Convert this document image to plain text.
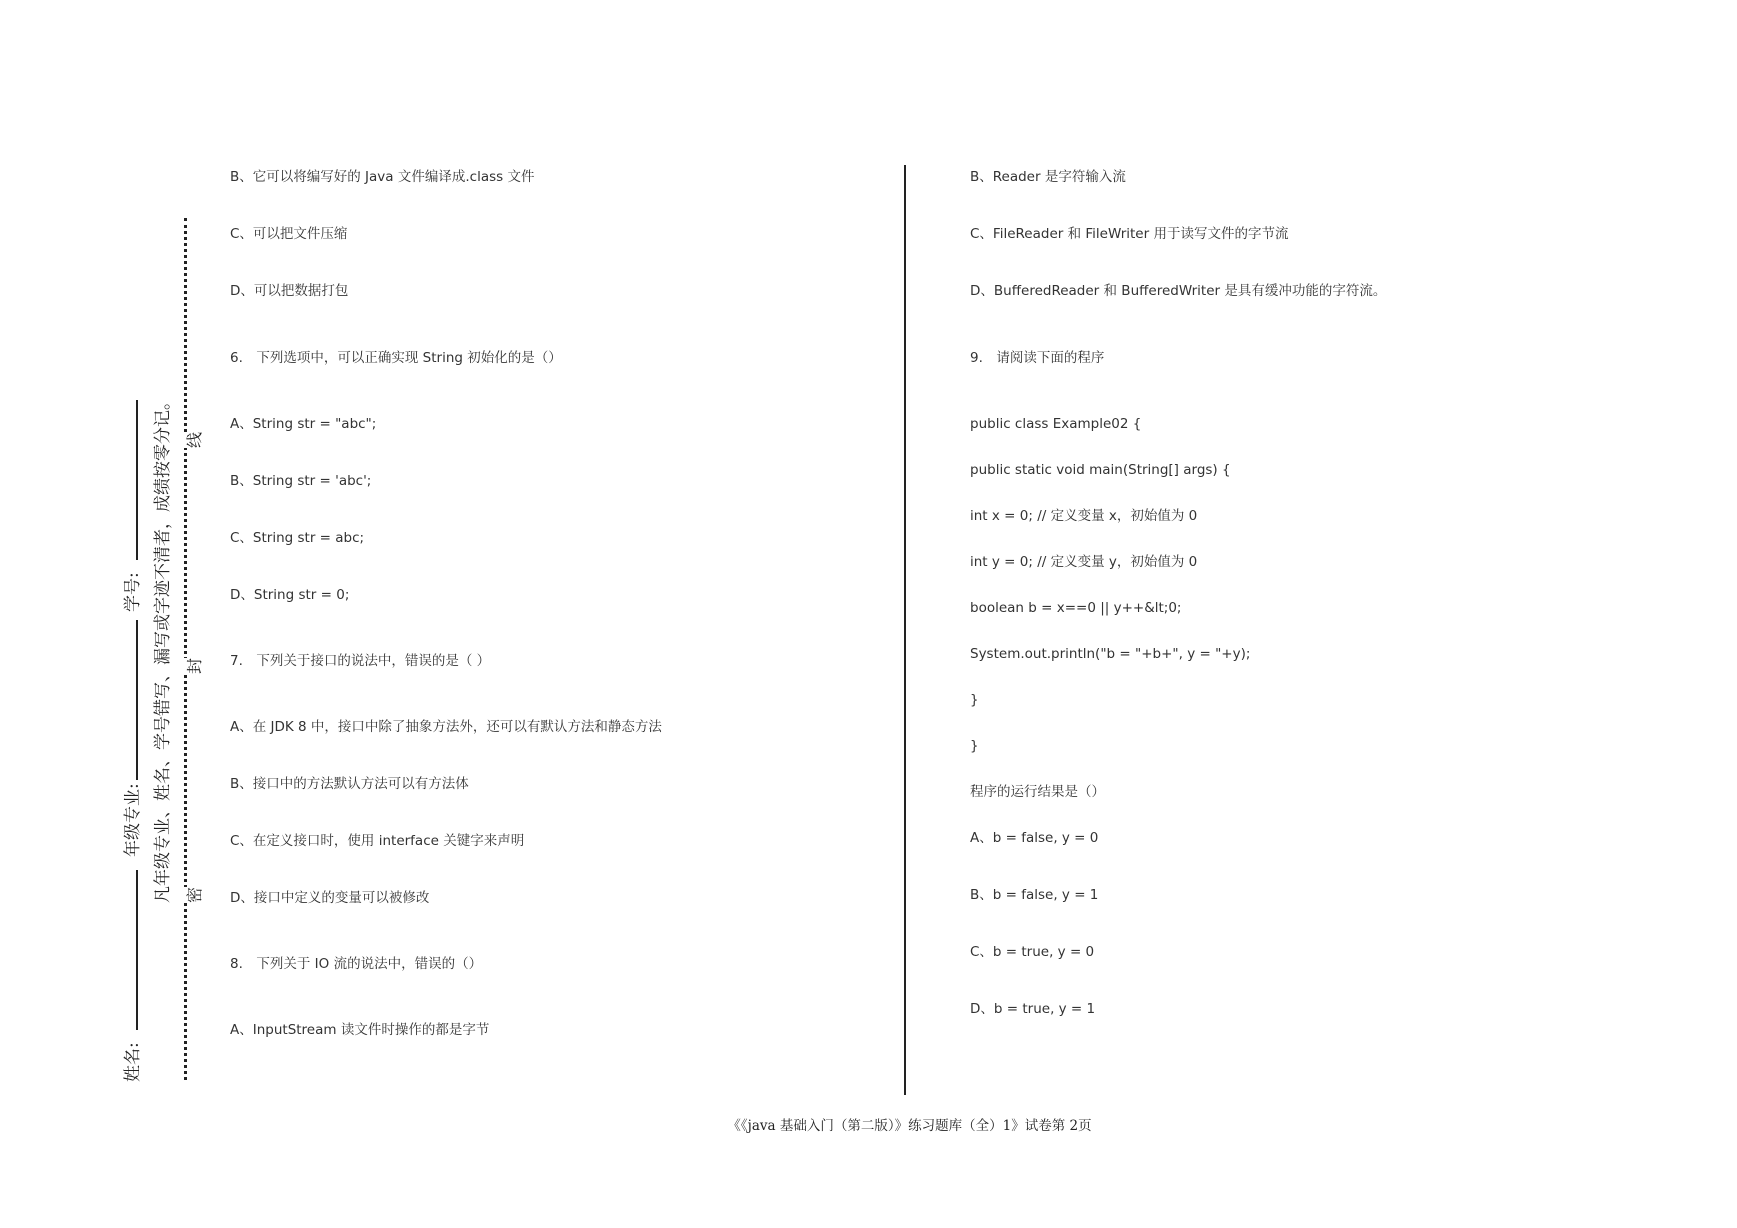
姓名:
年级专业:
学号: 凡年级专业、姓名、学号错写、漏写或字迹不清者，成绩按零分记。 密
封
线
B、它可以将编写好的 Java 文件编译成.class 文件
C、可以把文件压缩
D、可以把数据打包
6.　下列选项中，可以正确实现 String 初始化的是（）
A、String str = "abc";
B、String str = 'abc';
C、String str = abc;
D、String str = 0;
7.　下列关于接口的说法中，错误的是（ ）
A、在 JDK 8 中，接口中除了抽象方法外，还可以有默认方法和静态方法
B、接口中的方法默认方法可以有方法体
C、在定义接口时，使用 interface 关键字来声明
D、接口中定义的变量可以被修改
8.　下列关于 IO 流的说法中，错误的（）
A、InputStream 读文件时操作的都是字节
B、Reader 是字符输入流
C、FileReader 和 FileWriter 用于读写文件的字节流
D、BufferedReader 和 BufferedWriter 是具有缓冲功能的字符流。
9.　请阅读下面的程序
public class Example02 {
public static void main(String[] args) {
int x = 0; // 定义变量 x，初始值为 0
int y = 0; // 定义变量 y，初始值为 0
boolean b = x==0 || y++&lt;0;
System.out.println("b = "+b+", y = "+y);
}
}
程序的运行结果是（）
A、b = false, y = 0
B、b = false, y = 1
C、b = true, y = 0
D、b = true, y = 1
《《java 基础入门（第二版）》练习题库（全）1》试卷第 2页
